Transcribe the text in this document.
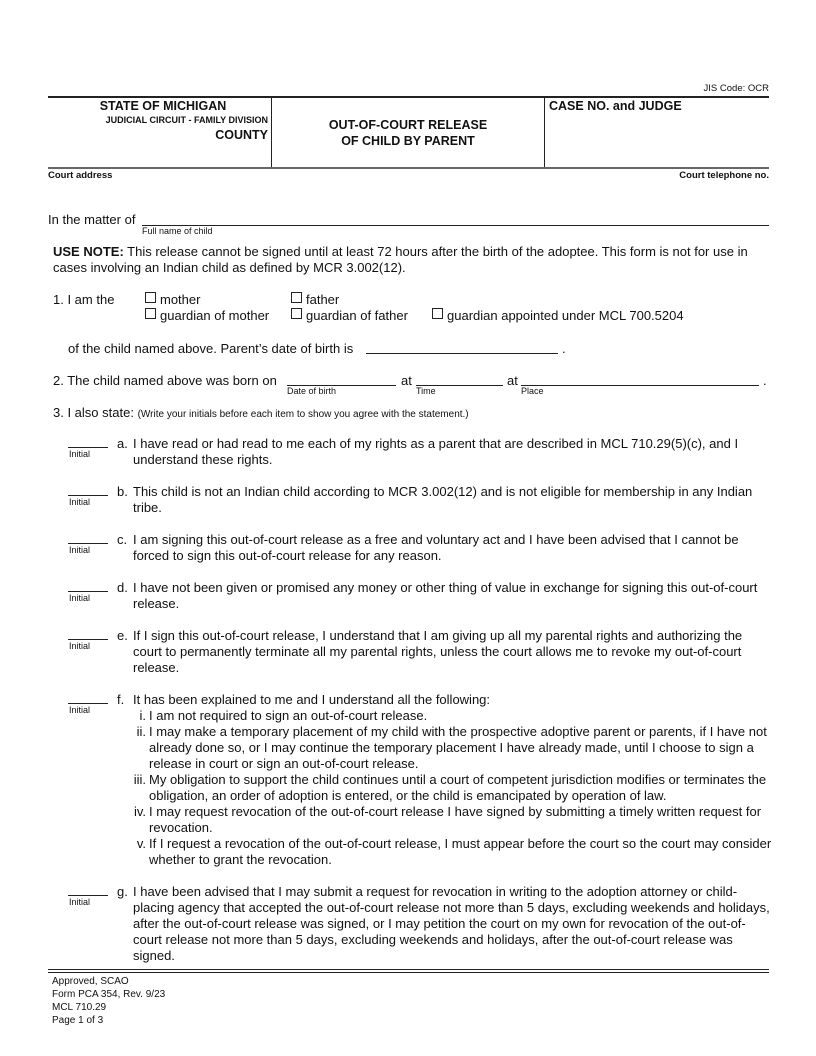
JIS Code: OCR
STATE OF MICHIGAN
JUDICIAL CIRCUIT - FAMILY DIVISION
COUNTY
OUT-OF-COURT RELEASE
OF CHILD BY PARENT
CASE NO. and JUDGE
Court address	Court telephone no.
In the matter of
Full name of child
USE NOTE: This release cannot be signed until at least 72 hours after the birth of the adoptee. This form is not for use in cases involving an Indian child as defined by MCR 3.002(12).
1. I am the	mother	father
guardian of mother	guardian of father	guardian appointed under MCL 700.5204
of the child named above. Parent’s date of birth is	.
2. The child named above was born on	at	at	.
Date of birth	Time	Place
3. I also state: (Write your initials before each item to show you agree with the statement.)
Initial
a. I have read or had read to me each of my rights as a parent that are described in MCL 710.29(5)(c), and I understand these rights.
Initial
b. This child is not an Indian child according to MCR 3.002(12) and is not eligible for membership in any Indian tribe.
Initial
c. I am signing this out-of-court release as a free and voluntary act and I have been advised that I cannot be forced to sign this out-of-court release for any reason.
Initial
d. I have not been given or promised any money or other thing of value in exchange for signing this out-of-court release.
Initial
e. If I sign this out-of-court release, I understand that I am giving up all my parental rights and authorizing the court to permanently terminate all my parental rights, unless the court allows me to revoke my out-of-court release.
Initial
f. It has been explained to me and I understand all the following:
Initial
g. I have been advised that I may submit a request for revocation in writing to the adoption attorney or child-placing agency that accepted the out-of-court release not more than 5 days, excluding weekends and holidays, after the out-of-court release was signed, or I may petition the court on my own for revocation of the out-of-court release not more than 5 days, excluding weekends and holidays, after the out-of-court release was signed.
i. I am not required to sign an out-of-court release.
ii. I may make a temporary placement of my child with the prospective adoptive parent or parents, if I have not already done so, or I may continue the temporary placement I have already made, until I choose to sign a release in court or sign an out-of-court release.
iii. My obligation to support the child continues until a court of competent jurisdiction modifies or terminates the obligation, an order of adoption is entered, or the child is emancipated by operation of law.
iv. I may request revocation of the out-of-court release I have signed by submitting a timely written request for revocation.
v. If I request a revocation of the out-of-court release, I must appear before the court so the court may consider whether to grant the revocation.
Approved, SCAO
Form PCA 354, Rev. 9/23
MCL 710.29
Page 1 of 3
